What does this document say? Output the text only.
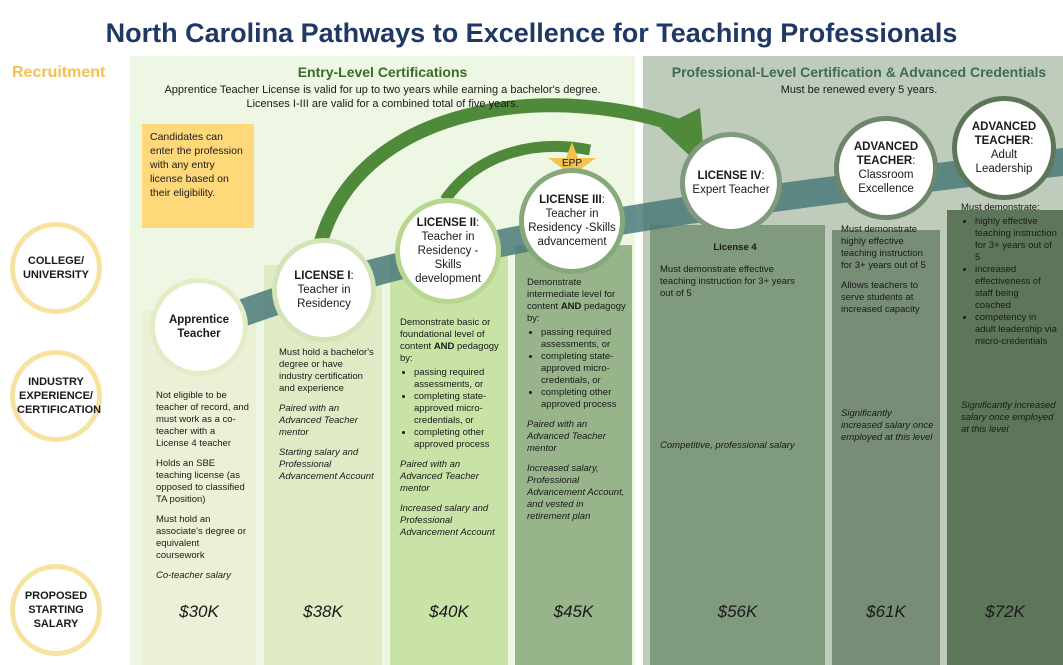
North Carolina Pathways to Excellence for Teaching Professionals
Recruitment	Entry-Level Certifications
Apprentice Teacher License is valid for up to two years while earning a bachelor's degree.
Licenses I-III are valid for a combined total of five years.
Professional-Level Certification & Advanced Credentials
Must be renewed every 5 years.
Candidates can enter the profession with any entry license based on their eligibility.
COLLEGE/ UNIVERSITY
INDUSTRY EXPERIENCE/ CERTIFICATION
PROPOSED STARTING SALARY
Apprentice Teacher
LICENSE I:
Teacher in Residency
LICENSE II:
Teacher in Residency -Skills development
LICENSE III:
Teacher in Residency -Skills advancement
LICENSE IV:
Expert Teacher
ADVANCED TEACHER:
Classroom Excellence
ADVANCED TEACHER:
Adult Leadership
EPP

Not eligible to be teacher of record, and must work as a co-teacher with a License 4 teacher

Holds an SBE teaching license (as opposed to classified TA position)

Must hold an associate's degree or equivalent coursework

Co-teacher salary

Must hold a bachelor's degree or have industry certification and experience

Paired with an Advanced Teacher mentor

Starting salary and Professional Advancement Account

Demonstrate basic or foundational level of content AND pedagogy by:

• passing required assessments, or
• completing state-approved micro-credentials, or
• completing other approved process

Paired with an Advanced Teacher mentor

Increased salary and Professional Advancement Account

Demonstrate intermediate level for content AND pedagogy by:

• passing required assessments, or
• completing state-approved micro-credentials, or
• completing other approved process

Paired with an Advanced Teacher mentor

Increased salary, Professional Advancement Account, and vested in retirement plan

License 4

Must demonstrate effective teaching instruction for 3+ years out of 5

Competitive, professional salary

Must demonstrate highly effective teaching instruction for 3+ years out of 5

Allows teachers to serve students at increased capacity

Significantly increased salary once employed at this level

Must demonstrate:

• highly effective teaching instruction for 3+ years out of 5
• increased effectiveness of staff being coached
• competency in adult leadership via micro-credentials

Significantly increased salary once employed at this level

$30K	$38K	$40K	$45K	$56K	$61K	$72K
